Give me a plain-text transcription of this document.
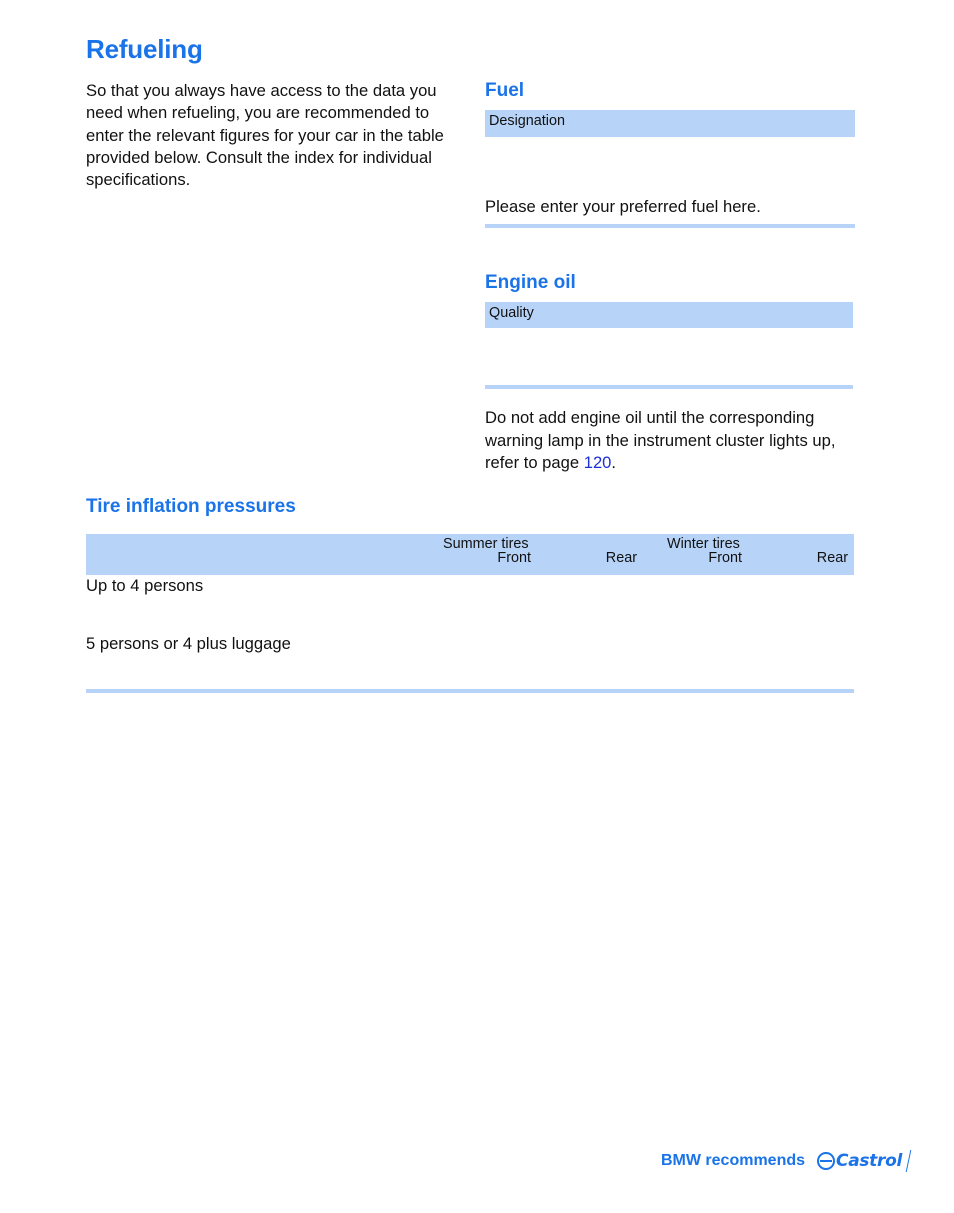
Refueling

So that you always have access to the data you need when refueling, you are recommended to enter the relevant figures for your car in the table provided below. Consult the index for individual specifications.

Fuel
Designation

Please enter your preferred fuel here.

Engine oil
Quality

Do not add engine oil until the corresponding warning lamp in the instrument cluster lights up, refer to page 120.

Tire inflation pressures
Summer tires	Winter tires
Front	Rear	Front	Rear
Up to 4 persons
5 persons or 4 plus luggage
BMW recommends Castrol
